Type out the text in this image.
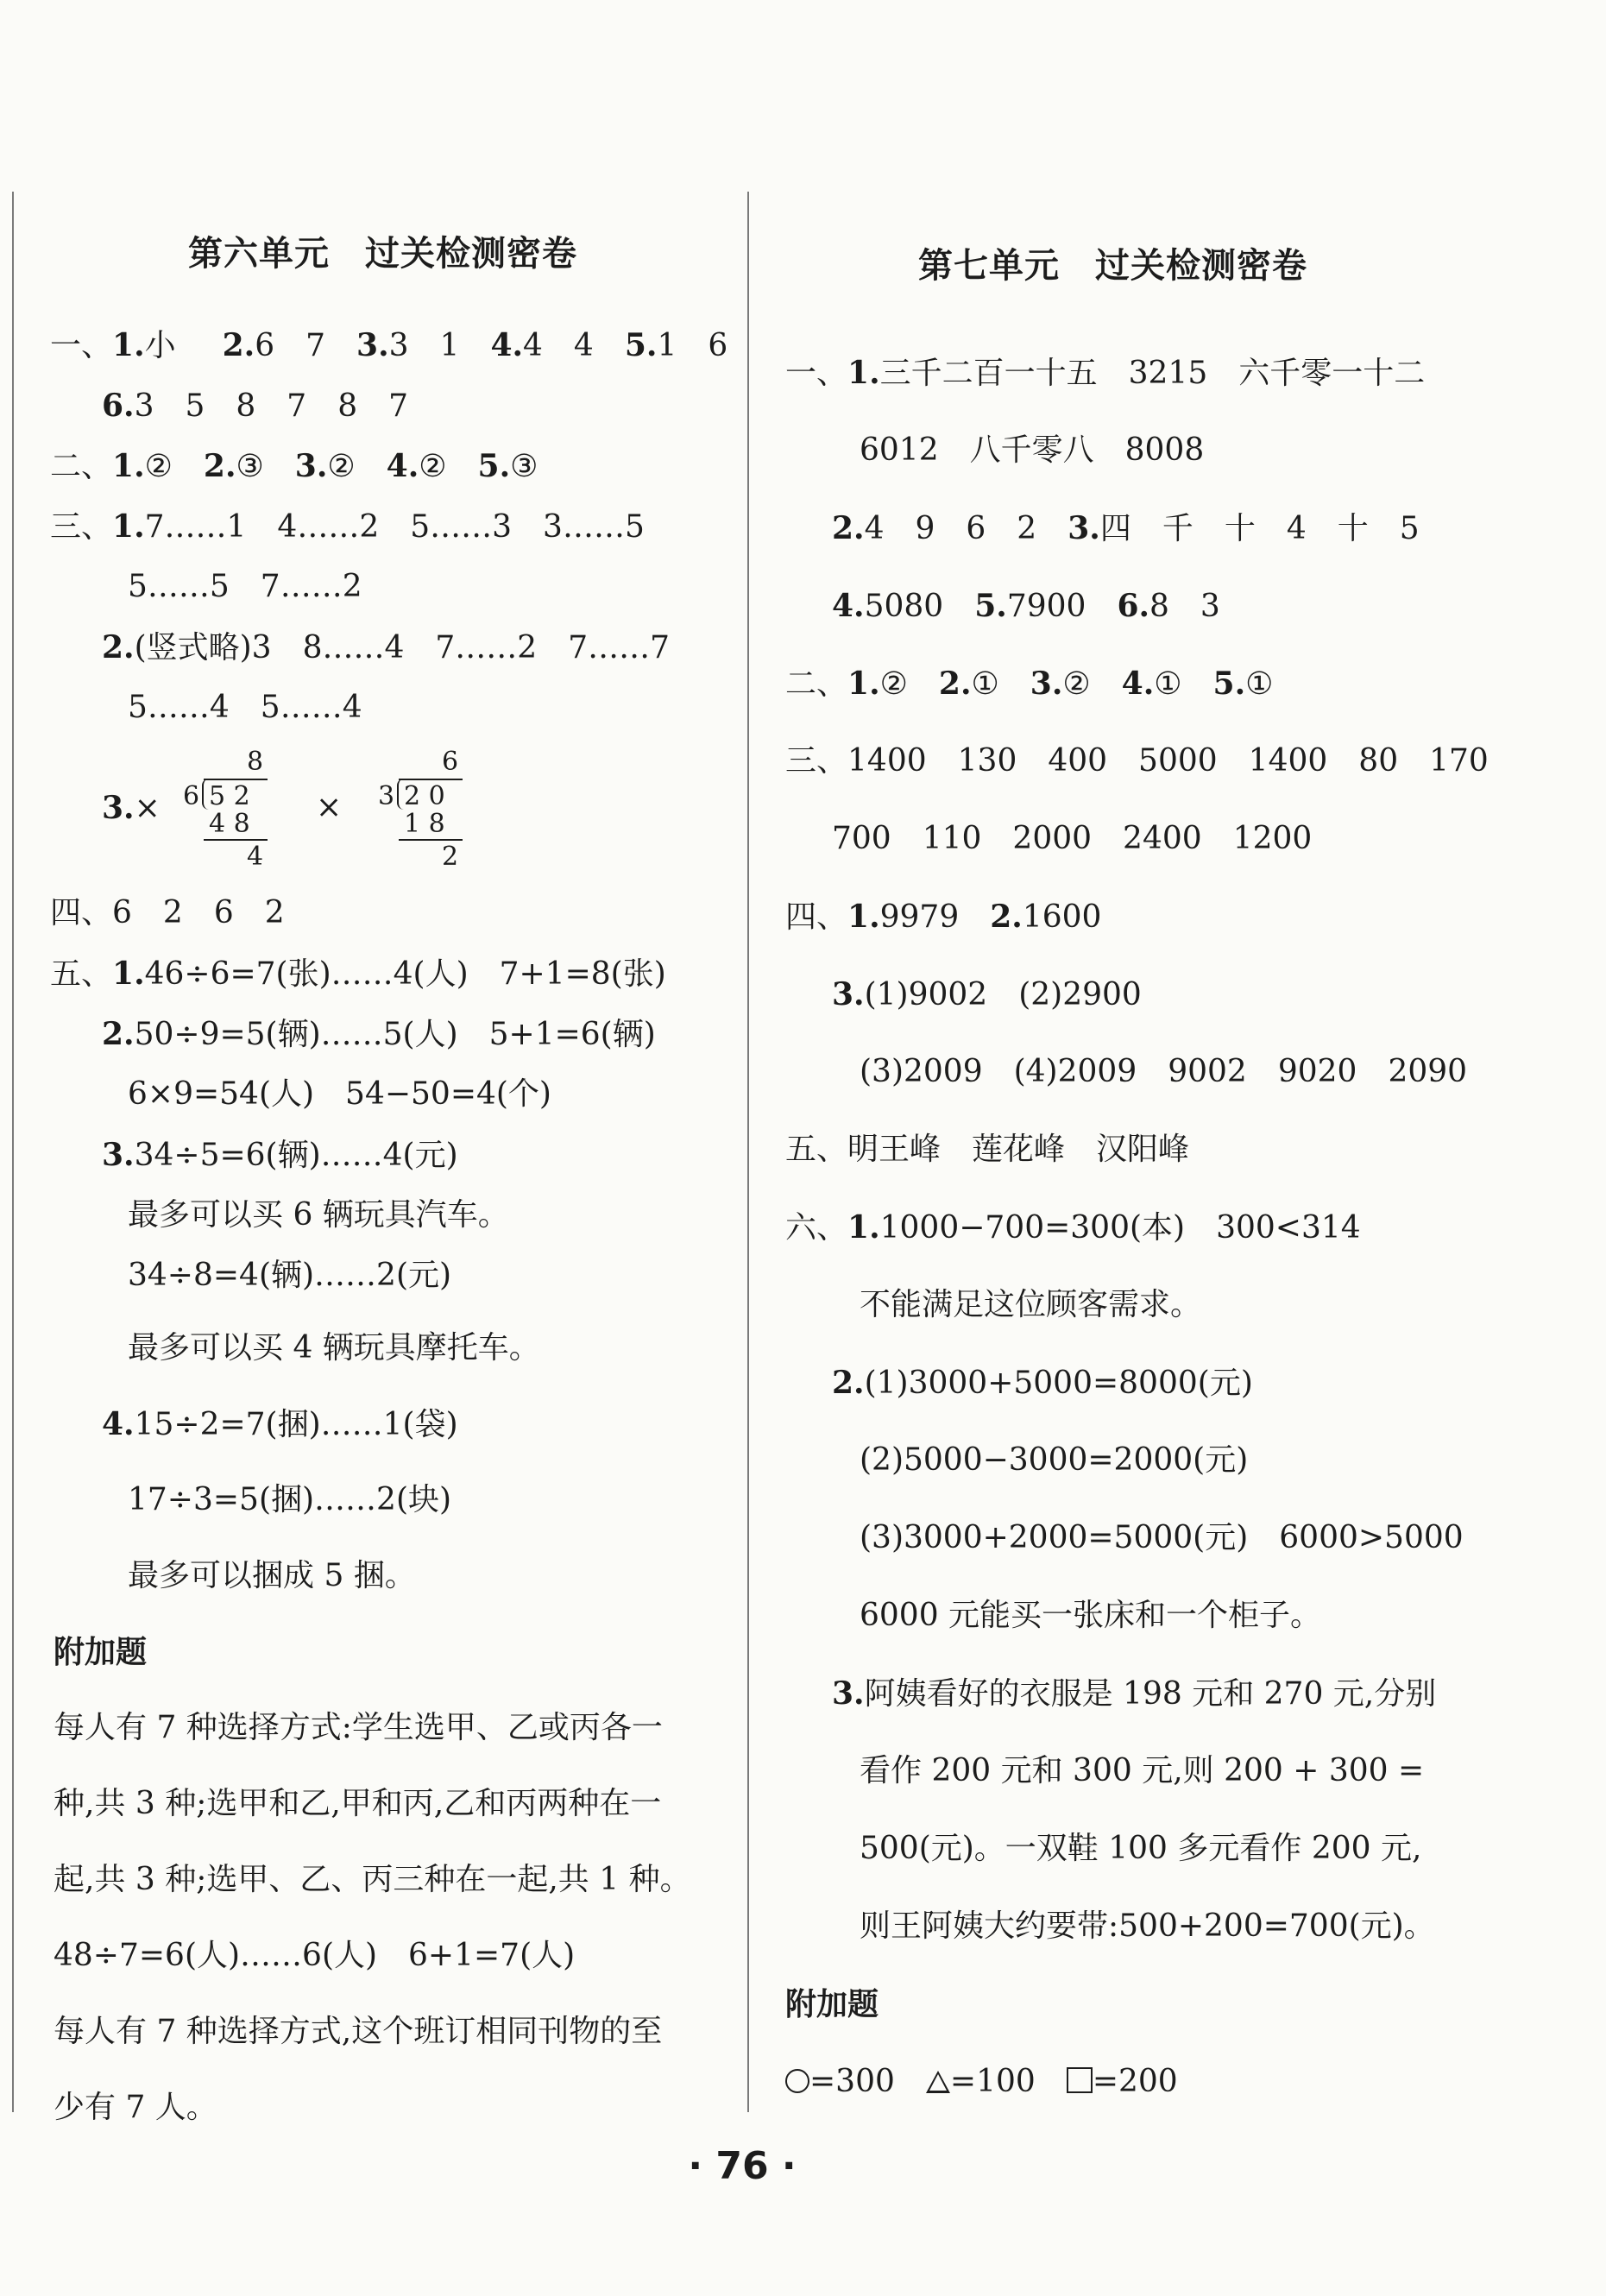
第六单元　过关检测密卷
一、1.小　 2.6　7　3.3　1　4.4　4　5.1　6
6.3　5　8　7　8　7
二、1.②　2.③　3.②　4.②　5.③
三、1.7……1　4……2　5……3　3……5
5……5　7……2
2.(竖式略)3　8……4　7……2　7……7
5……4　5……4
3.×
8
6 5 2
4 8
4
×
6
3 2 0
1 8
2
四、6　2　6　2
五、1.46÷6=7(张)……4(人)　7+1=8(张)
2.50÷9=5(辆)……5(人)　5+1=6(辆)
6×9=54(人)　54−50=4(个)
3.34÷5=6(辆)……4(元)
最多可以买 6 辆玩具汽车。
34÷8=4(辆)……2(元)
最多可以买 4 辆玩具摩托车。
4.15÷2=7(捆)……1(袋)
17÷3=5(捆)……2(块)
最多可以捆成 5 捆。
附加题
每人有 7 种选择方式:学生选甲、乙或丙各一
种,共 3 种;选甲和乙,甲和丙,乙和丙两种在一
起,共 3 种;选甲、乙、丙三种在一起,共 1 种。
48÷7=6(人)……6(人)　6+1=7(人)
每人有 7 种选择方式,这个班订相同刊物的至
少有 7 人。
第七单元　过关检测密卷
一、1.三千二百一十五　3215　六千零一十二
6012　八千零八　8008
2.4　9　6　2　3.四　千　十　4　十　5
4.5080　5.7900　6.8　3
二、1.②　2.①　3.②　4.①　5.①
三、1400　130　400　5000　1400　80　170
700　110　2000　2400　1200
四、1.9979　2.1600
3.(1)9002　(2)2900
(3)2009　(4)2009　9002　9020　2090
五、明王峰　莲花峰　汉阳峰
六、1.1000−700=300(本)　300<314
不能满足这位顾客需求。
2.(1)3000+5000=8000(元)
(2)5000−3000=2000(元)
(3)3000+2000=5000(元)　6000>5000
6000 元能买一张床和一个柜子。
3.阿姨看好的衣服是 198 元和 270 元,分别
看作 200 元和 300 元,则 200 + 300 =
500(元)。一双鞋 100 多元看作 200 元,
则王阿姨大约要带:500+200=700(元)。
附加题
=300　 =100　 =200
· 76 ·
